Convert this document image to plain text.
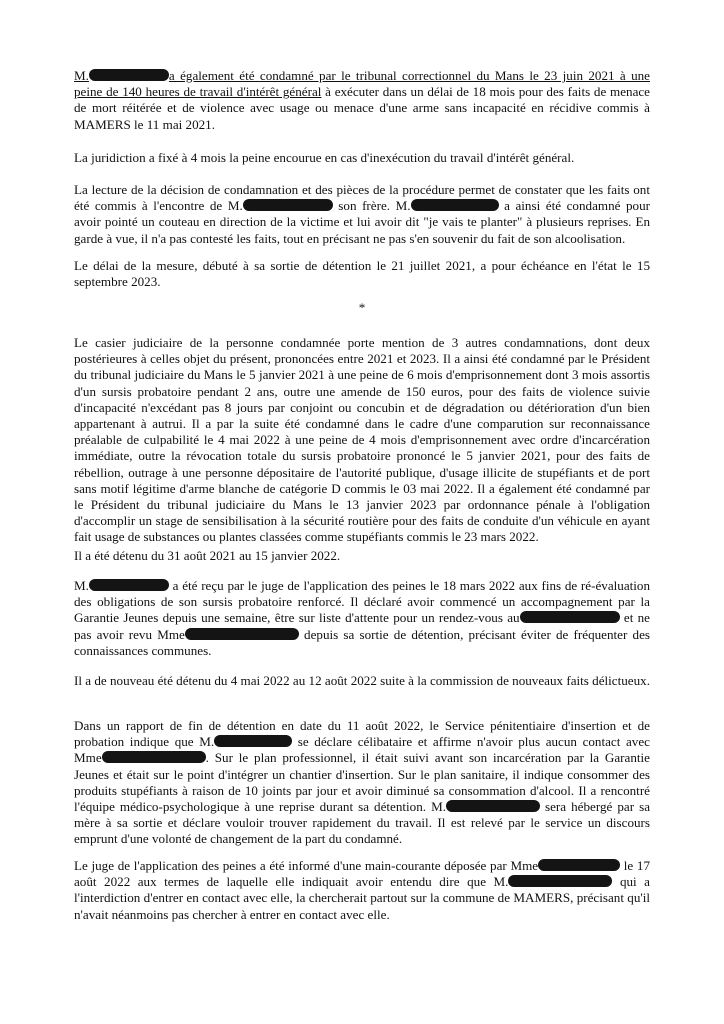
M.	a également été condamné par le tribunal correctionnel du Mans le 23 juin 2021 à une peine de 140 heures de travail d'intérêt général à exécuter dans un délai de 18 mois pour des faits de menace de mort réitérée et de violence avec usage ou menace d'une arme sans incapacité en récidive commis à MAMERS le 11 mai 2021.

La juridiction a fixé à 4 mois la peine encourue en cas d'inexécution du travail d'intérêt général.

La lecture de la décision de condamnation et des pièces de la procédure permet de constater que les faits ont été commis à l'encontre de M.	son frère. M.	a ainsi été condamné pour avoir pointé un couteau en direction de la victime et lui avoir dit "je vais te planter" à plusieurs reprises. En garde à vue, il n'a pas contesté les faits, tout en précisant ne pas s'en souvenir du fait de son alcoolisation.

Le délai de la mesure, débuté à sa sortie de détention le 21 juillet 2021, a pour échéance en l'état le 15 septembre 2023.

*

Le casier judiciaire de la personne condamnée porte mention de 3 autres condamnations, dont deux postérieures à celles objet du présent, prononcées entre 2021 et 2023. Il a ainsi été condamné par le Président du tribunal judiciaire du Mans le 5 janvier 2021 à une peine de 6 mois d'emprisonnement dont 3 mois assortis d'un sursis probatoire pendant 2 ans, outre une amende de 150 euros, pour des faits de violence suivie d'incapacité n'excédant pas 8 jours par conjoint ou concubin et de dégradation ou détérioration d'un bien appartenant à autrui. Il a par la suite été condamné dans le cadre d'une comparution sur reconnaissance préalable de culpabilité le 4 mai 2022 à une peine de 4 mois d'emprisonnement avec ordre d'incarcération immédiate, outre la révocation totale du sursis probatoire prononcé le 5 janvier 2021, pour des faits de rébellion, outrage à une personne dépositaire de l'autorité publique, d'usage illicite de stupéfiants et de port sans motif légitime d'arme blanche de catégorie D commis le 03 mai 2022. Il a également été condamné par le Président du tribunal judiciaire du Mans le 13 janvier 2023 par ordonnance pénale à l'obligation d'accomplir un stage de sensibilisation à la sécurité routière pour des faits de conduite d'un véhicule en ayant fait usage de substances ou plantes classées comme stupéfiants commis le 23 mars 2022.

Il a été détenu du 31 août 2021 au 15 janvier 2022.

M.	a été reçu par le juge de l'application des peines le 18 mars 2022 aux fins de ré-évaluation des obligations de son sursis probatoire renforcé. Il déclaré avoir commencé un accompagnement par la Garantie Jeunes depuis une semaine, être sur liste d'attente pour un rendez-vous au	et ne pas avoir revu Mme	depuis sa sortie de détention, précisant éviter de fréquenter des connaissances communes.

Il a de nouveau été détenu du 4 mai 2022 au 12 août 2022 suite à la commission de nouveaux faits délictueux.

Dans un rapport de fin de détention en date du 11 août 2022, le Service pénitentiaire d'insertion et de probation indique que M.	se déclare célibataire et affirme n'avoir plus aucun contact avec Mme	. Sur le plan professionnel, il était suivi avant son incarcération par la Garantie Jeunes et était sur le point d'intégrer un chantier d'insertion. Sur le plan sanitaire, il indique consommer des produits stupéfiants à raison de 10 joints par jour et avoir diminué sa consommation d'alcool. Il a rencontré l'équipe médico-psychologique à une reprise durant sa détention. M.	sera hébergé par sa mère à sa sortie et déclare vouloir trouver rapidement du travail. Il est relevé par le service un discours emprunt d'une volonté de changement de la part du condamné.

Le juge de l'application des peines a été informé d'une main-courante déposée par Mme	le 17 août 2022 aux termes de laquelle elle indiquait avoir entendu dire que M.	qui a l'interdiction d'entrer en contact avec elle, la chercherait partout sur la commune de MAMERS, précisant qu'il n'avait néanmoins pas chercher à entrer en contact avec elle.
